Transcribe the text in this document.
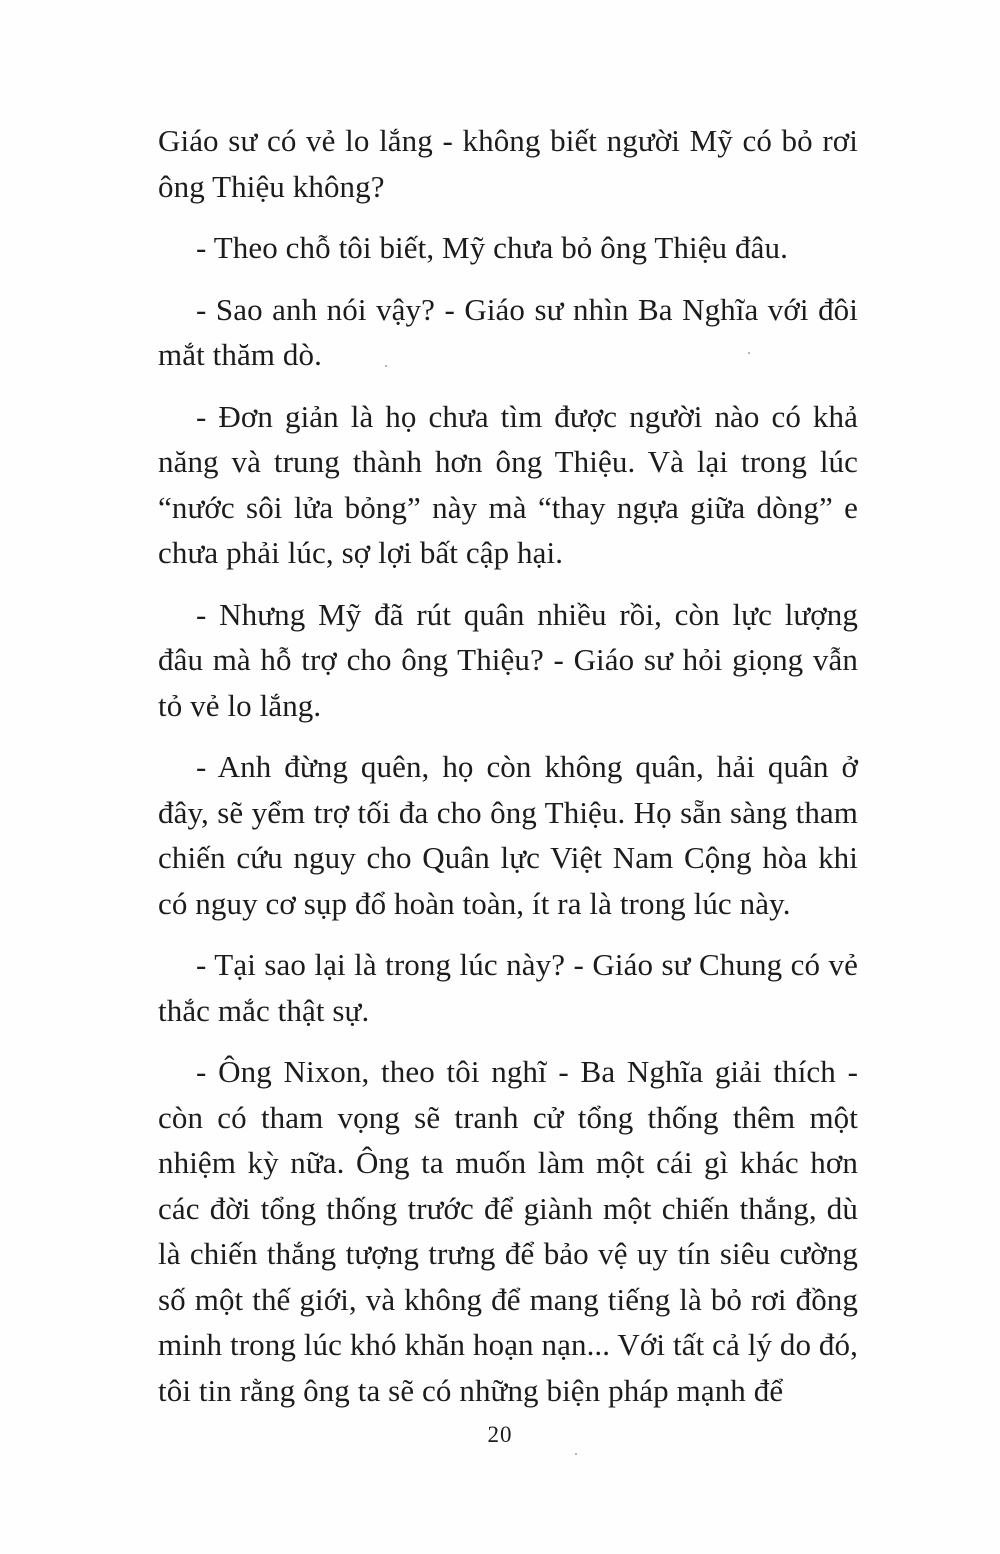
Giáo sư có vẻ lo lắng - không biết người Mỹ có bỏ rơi ông Thiệu không?

- Theo chỗ tôi biết, Mỹ chưa bỏ ông Thiệu đâu.

- Sao anh nói vậy? - Giáo sư nhìn Ba Nghĩa với đôi mắt thăm dò.

- Đơn giản là họ chưa tìm được người nào có khả năng và trung thành hơn ông Thiệu. Và lại trong lúc “nước sôi lửa bỏng” này mà “thay ngựa giữa dòng” e chưa phải lúc, sợ lợi bất cập hại.

- Nhưng Mỹ đã rút quân nhiều rồi, còn lực lượng đâu mà hỗ trợ cho ông Thiệu? - Giáo sư hỏi giọng vẫn tỏ vẻ lo lắng.

- Anh đừng quên, họ còn không quân, hải quân ở đây, sẽ yểm trợ tối đa cho ông Thiệu. Họ sẵn sàng tham chiến cứu nguy cho Quân lực Việt Nam Cộng hòa khi có nguy cơ sụp đổ hoàn toàn, ít ra là trong lúc này.

- Tại sao lại là trong lúc này? - Giáo sư Chung có vẻ thắc mắc thật sự.

- Ông Nixon, theo tôi nghĩ - Ba Nghĩa giải thích - còn có tham vọng sẽ tranh cử tổng thống thêm một nhiệm kỳ nữa. Ông ta muốn làm một cái gì khác hơn các đời tổng thống trước để giành một chiến thắng, dù là chiến thắng tượng trưng để bảo vệ uy tín siêu cường số một thế giới, và không để mang tiếng là bỏ rơi đồng minh trong lúc khó khăn hoạn nạn... Với tất cả lý do đó, tôi tin rằng ông ta sẽ có những biện pháp mạnh để

20
